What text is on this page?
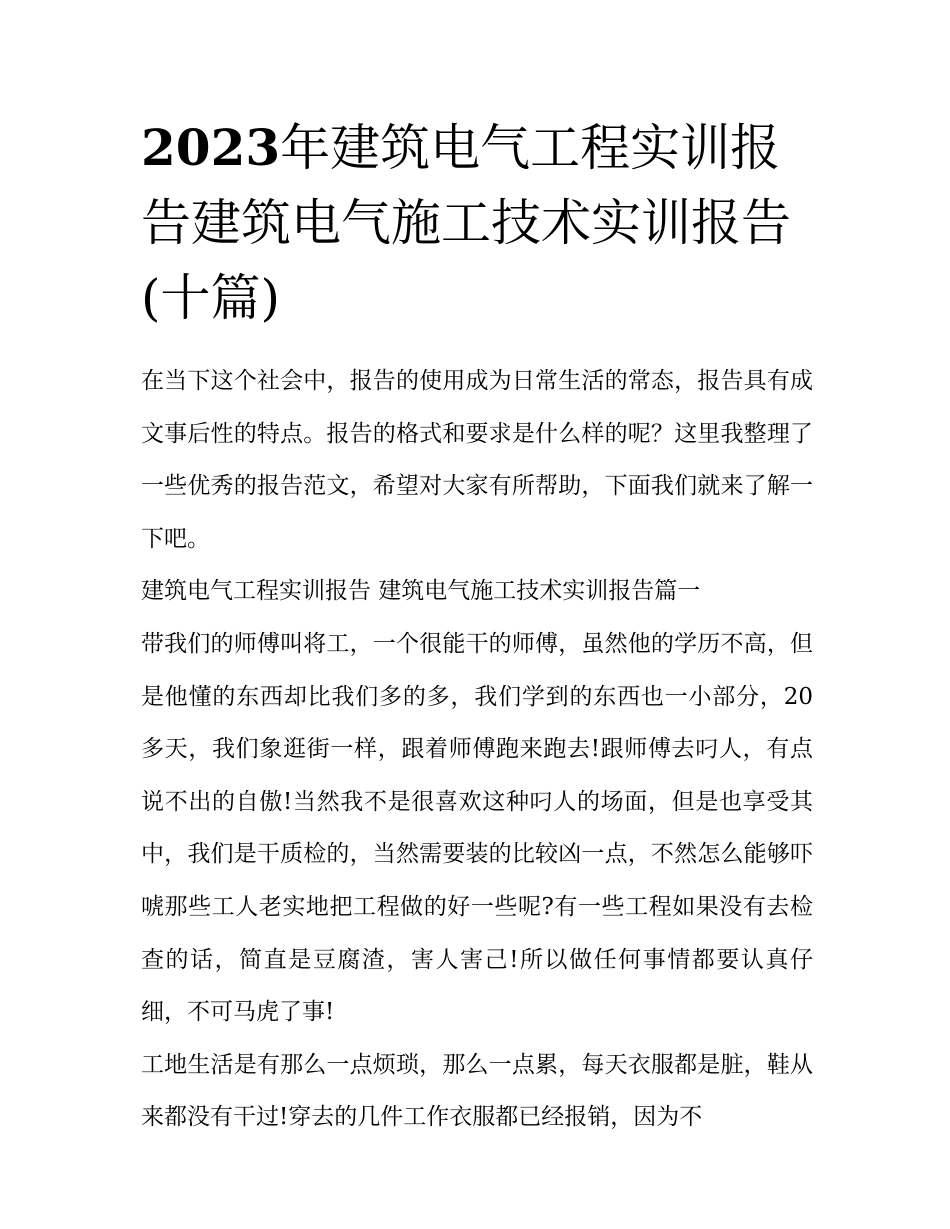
2023年建筑电气工程实训报告建筑电气施工技术实训报告(十篇)

在当下这个社会中，报告的使用成为日常生活的常态，报告具有成文事后性的特点。报告的格式和要求是什么样的呢？这里我整理了一些优秀的报告范文，希望对大家有所帮助，下面我们就来了解一下吧。

建筑电气工程实训报告 建筑电气施工技术实训报告篇一

带我们的师傅叫将工，一个很能干的师傅，虽然他的学历不高，但是他懂的东西却比我们多的多，我们学到的东西也一小部分，20多天，我们象逛街一样，跟着师傅跑来跑去!跟师傅去叼人，有点说不出的自傲!当然我不是很喜欢这种叼人的场面，但是也享受其中，我们是干质检的，当然需要装的比较凶一点，不然怎么能够吓唬那些工人老实地把工程做的好一些呢?有一些工程如果没有去检查的话，简直是豆腐渣，害人害己!所以做任何事情都要认真仔细，不可马虎了事!

工地生活是有那么一点烦琐，那么一点累，每天衣服都是脏，鞋从来都没有干过!穿去的几件工作衣服都已经报销，因为不
